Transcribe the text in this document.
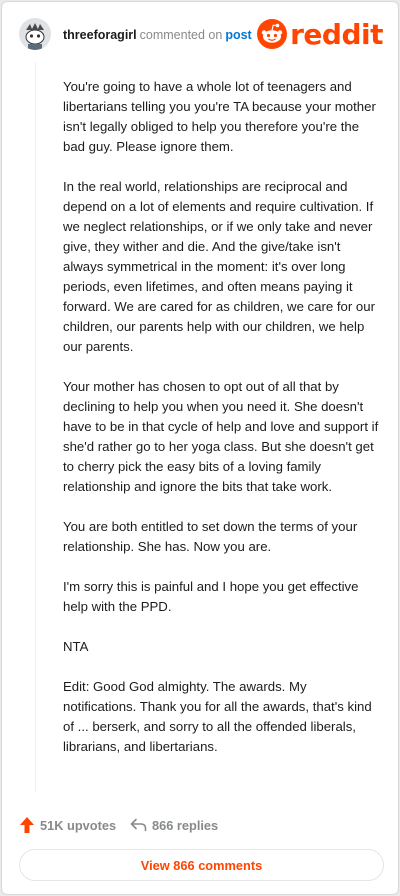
threeforagirl commented on post reddit

You're going to have a whole lot of teenagers and libertarians telling you you're TA because your mother isn't legally obliged to help you therefore you're the bad guy. Please ignore them.

In the real world, relationships are reciprocal and depend on a lot of elements and require cultivation. If we neglect relationships, or if we only take and never give, they wither and die. And the give/take isn't always symmetrical in the moment: it's over long periods, even lifetimes, and often means paying it forward. We are cared for as children, we care for our children, our parents help with our children, we help our parents.

Your mother has chosen to opt out of all that by declining to help you when you need it. She doesn't have to be in that cycle of help and love and support if she'd rather go to her yoga class. But she doesn't get to cherry pick the easy bits of a loving family relationship and ignore the bits that take work.

You are both entitled to set down the terms of your relationship. She has. Now you are.

I'm sorry this is painful and I hope you get effective help with the PPD.

NTA

Edit: Good God almighty. The awards. My notifications. Thank you for all the awards, that's kind of ... berserk, and sorry to all the offended liberals, librarians, and libertarians.

51K upvotes	866 replies
View 866 comments
